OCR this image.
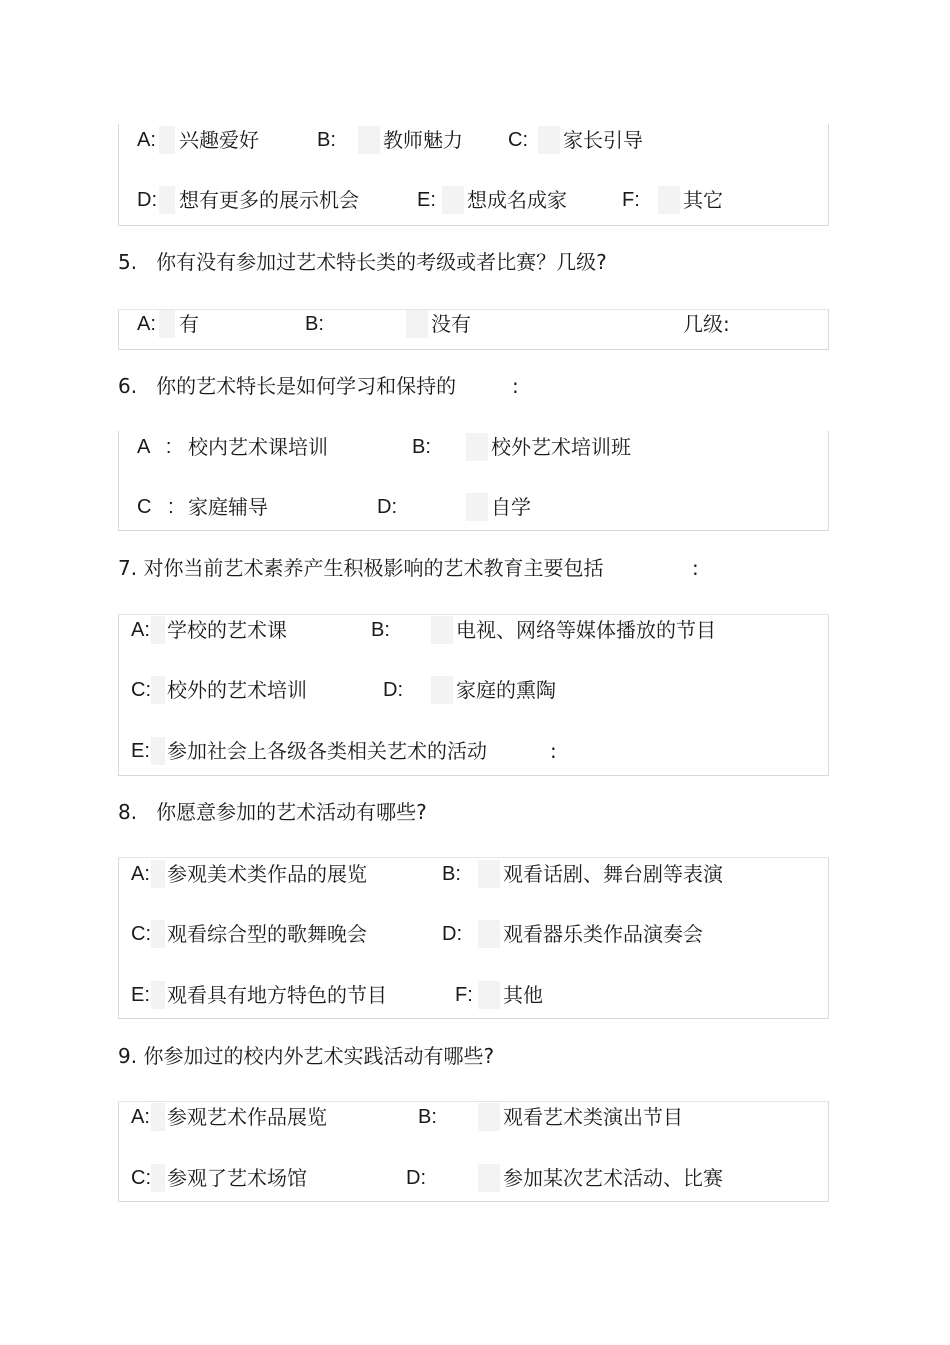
A: 兴趣爱好	B: 教师魅力 C: 家长引导
D: 想有更多的展示机会	E: 想成名成家	F: 其它
5.   你有没有参加过艺术特长类的考级或者比赛？几级?
A: 有	B:	没有	几级:
6.   你的艺术特长是如何学习和保持的	:
A   : 校内艺术课培训	B:	校外艺术培训班
C   : 家庭辅导	D:	自学
7. 对你当前艺术素养产生积极影响的艺术教育主要包括	:
A: 学校的艺术课	B:	电视、网络等媒体播放的节目
C: 校外的艺术培训	D:	家庭的熏陶
E: 参加社会上各级各类相关艺术的活动	:
8.   你愿意参加的艺术活动有哪些?
A: 参观美术类作品的展览	B: 观看话剧、舞台剧等表演
C: 观看综合型的歌舞晚会	D: 观看器乐类作品演奏会
E: 观看具有地方特色的节目	F: 其他
9. 你参加过的校内外艺术实践活动有哪些?
A: 参观艺术作品展览	B:	观看艺术类演出节目
C: 参观了艺术场馆	D:	参加某次艺术活动、比赛
